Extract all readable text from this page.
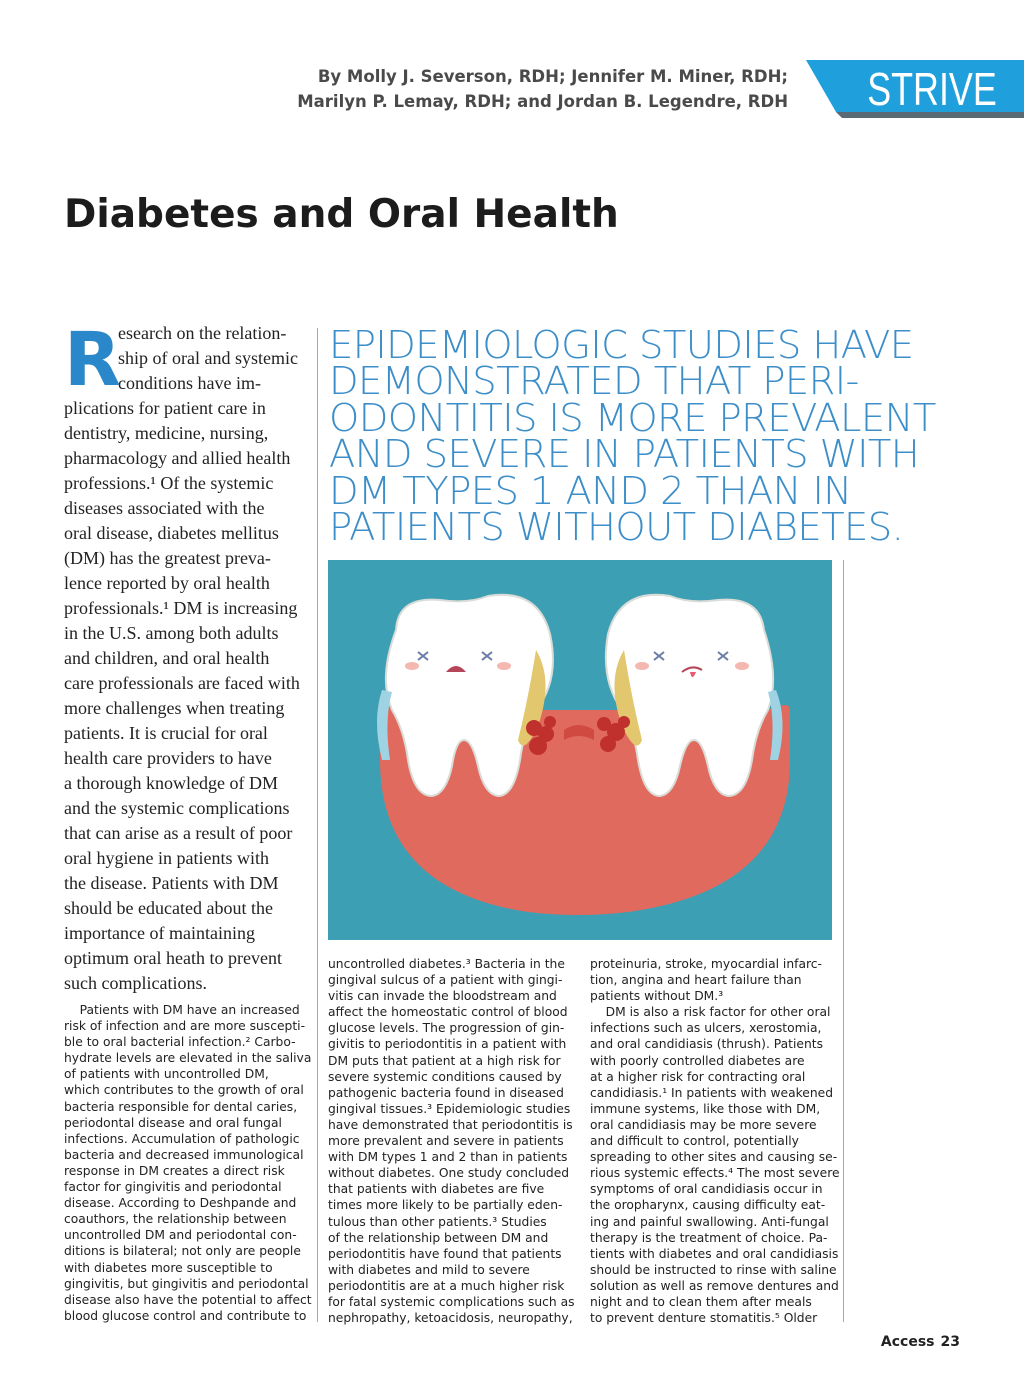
By Molly J. Severson, RDH; Jennifer M. Miner, RDH;
Marilyn P. Lemay, RDH; and Jordan B. Legendre, RDH STRIVE
Diabetes and Oral Health
R
esearch on the relation-
ship of oral and systemic
conditions have im-
plications for patient care in
dentistry, medicine, nursing,
pharmacology and allied health
professions.¹ Of the systemic
diseases associated with the
oral disease, diabetes mellitus
(DM) has the greatest preva-
lence reported by oral health
professionals.¹ DM is increasing
in the U.S. among both adults
and children, and oral health
care professionals are faced with
more challenges when treating
patients. It is crucial for oral
health care providers to have
a thorough knowledge of DM
and the systemic complications
that can arise as a result of poor
oral hygiene in patients with
the disease. Patients with DM
should be educated about the
importance of maintaining
optimum oral heath to prevent
such complications.
EPIDEMIOLOGIC STUDIES HAVE
DEMONSTRATED THAT PERI-
ODONTITIS IS MORE PREVALENT
AND SEVERE IN PATIENTS WITH
DM TYPES 1 AND 2 THAN IN
PATIENTS WITHOUT DIABETES.
Patients with DM have an increased
risk of infection and are more suscepti-
ble to oral bacterial infection.² Carbo-
hydrate levels are elevated in the saliva
of patients with uncontrolled DM,
which contributes to the growth of oral
bacteria responsible for dental caries,
periodontal disease and oral fungal
infections. Accumulation of pathologic
bacteria and decreased immunological
response in DM creates a direct risk
factor for gingivitis and periodontal
disease. According to Deshpande and
coauthors, the relationship between
uncontrolled DM and periodontal con-
ditions is bilateral; not only are people
with diabetes more susceptible to
gingivitis, but gingivitis and periodontal
disease also have the potential to affect
blood glucose control and contribute to
uncontrolled diabetes.³ Bacteria in the
gingival sulcus of a patient with gingi-
vitis can invade the bloodstream and
affect the homeostatic control of blood
glucose levels. The progression of gin-
givitis to periodontitis in a patient with
DM puts that patient at a high risk for
severe systemic conditions caused by
pathogenic bacteria found in diseased
gingival tissues.³ Epidemiologic studies
have demonstrated that periodontitis is
more prevalent and severe in patients
with DM types 1 and 2 than in patients
without diabetes. One study concluded
that patients with diabetes are five
times more likely to be partially eden-
tulous than other patients.³ Studies
of the relationship between DM and
periodontitis have found that patients
with diabetes and mild to severe
periodontitis are at a much higher risk
for fatal systemic complications such as
nephropathy, ketoacidosis, neuropathy,
proteinuria, stroke, myocardial infarc-
tion, angina and heart failure than
patients without DM.³
DM is also a risk factor for other oral
infections such as ulcers, xerostomia,
and oral candidiasis (thrush). Patients
with poorly controlled diabetes are
at a higher risk for contracting oral
candidiasis.¹ In patients with weakened
immune systems, like those with DM,
oral candidiasis may be more severe
and difficult to control, potentially
spreading to other sites and causing se-
rious systemic effects.⁴ The most severe
symptoms of oral candidiasis occur in
the oropharynx, causing difficulty eat-
ing and painful swallowing. Anti-fungal
therapy is the treatment of choice. Pa-
tients with diabetes and oral candidiasis
should be instructed to rinse with saline
solution as well as remove dentures and
night and to clean them after meals
to prevent denture stomatitis.⁵ Older
Access 23
